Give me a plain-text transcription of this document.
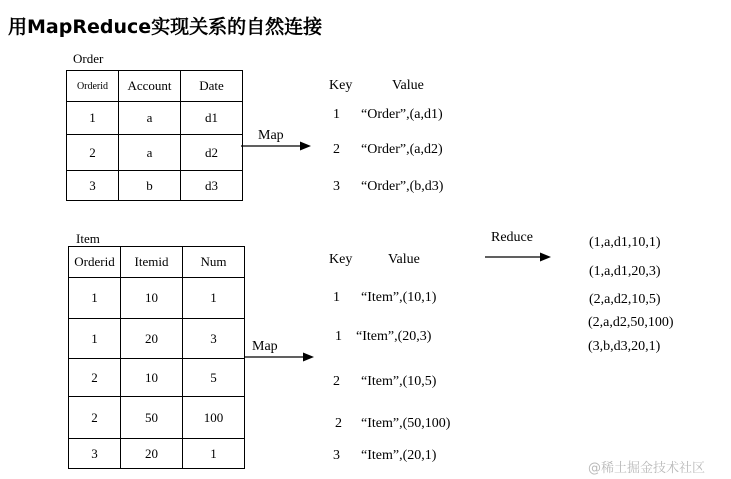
用MapReduce实现关系的自然连接
Order
Orderid	Account	Date
1	a	d1
2	a	d2
3	b	d3
Map
Key	Value
1 “Order”,(a,d1)
2 “Order”,(a,d2)
3 “Order”,(b,d3)
Item
Orderid	Itemid	Num
1	10	1
1	20	3
2	10	5
2	50	100
3	20	1
Map
Key	Value
1 “Item”,(10,1)
1 “Item”,(20,3)
2 “Item”,(10,5)
2 “Item”,(50,100)
3 “Item”,(20,1)
Reduce	(1,a,d1,10,1)
(1,a,d1,20,3)
(2,a,d2,10,5)
(2,a,d2,50,100)
(3,b,d3,20,1)
@稀土掘金技术社区
